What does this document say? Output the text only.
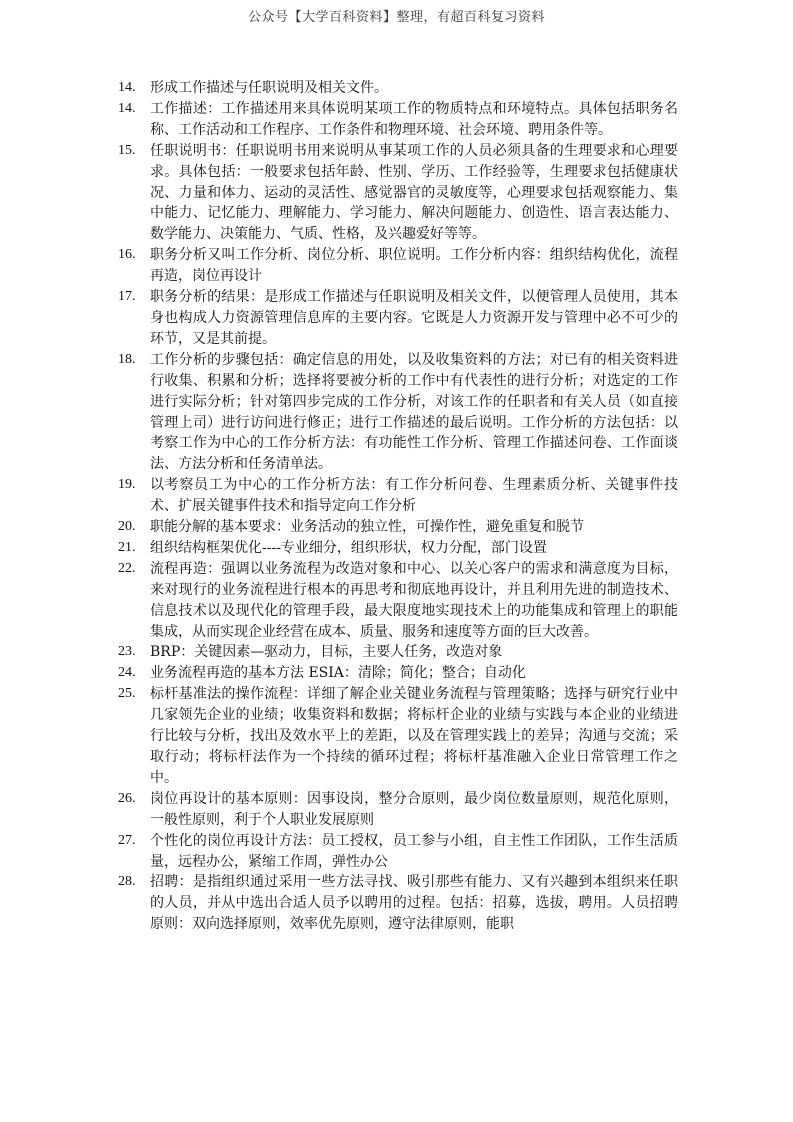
公众号【大学百科资料】整理，有超百科复习资料
14.	形成工作描述与任职说明及相关文件。
14.	工作描述：工作描述用来具体说明某项工作的物质特点和环境特点。具体包括职务名称、工作活动和工作程序、工作条件和物理环境、社会环境、聘用条件等。
15.	任职说明书：任职说明书用来说明从事某项工作的人员必须具备的生理要求和心理要求。具体包括：一般要求包括年龄、性别、学历、工作经验等，生理要求包括健康状况、力量和体力、运动的灵活性、感觉器官的灵敏度等，心理要求包括观察能力、集中能力、记忆能力、理解能力、学习能力、解决问题能力、创造性、语言表达能力、数学能力、决策能力、气质、性格，及兴趣爱好等等。
16.	职务分析又叫工作分析、岗位分析、职位说明。工作分析内容：组织结构优化，流程再造，岗位再设计
17.	职务分析的结果：是形成工作描述与任职说明及相关文件，以便管理人员使用，其本身也构成人力资源管理信息库的主要内容。它既是人力资源开发与管理中必不可少的环节，又是其前提。
18.	工作分析的步骤包括：确定信息的用处，以及收集资料的方法；对已有的相关资料进行收集、积累和分析；选择将要被分析的工作中有代表性的进行分析；对选定的工作进行实际分析；针对第四步完成的工作分析，对该工作的任职者和有关人员（如直接管理上司）进行访问进行修正；进行工作描述的最后说明。工作分析的方法包括：以考察工作为中心的工作分析方法：有功能性工作分析、管理工作描述问卷、工作面谈法、方法分析和任务清单法。
19.	以考察员工为中心的工作分析方法：有工作分析问卷、生理素质分析、关键事件技术、扩展关键事件技术和指导定向工作分析
20.	职能分解的基本要求：业务活动的独立性，可操作性，避免重复和脱节
21.	组织结构框架优化----专业细分，组织形状，权力分配，部门设置
22.	流程再造：强调以业务流程为改造对象和中心、以关心客户的需求和满意度为目标，来对现行的业务流程进行根本的再思考和彻底地再设计，并且利用先进的制造技术、信息技术以及现代化的管理手段，最大限度地实现技术上的功能集成和管理上的职能集成，从而实现企业经营在成本、质量、服务和速度等方面的巨大改善。
23.	BRP：关键因素—驱动力，目标，主要人任务，改造对象
24.	业务流程再造的基本方法 ESIA：清除；简化；整合；自动化
25.	标杆基准法的操作流程：详细了解企业关键业务流程与管理策略；选择与研究行业中几家领先企业的业绩；收集资料和数据；将标杆企业的业绩与实践与本企业的业绩进行比较与分析，找出及效水平上的差距，以及在管理实践上的差异；沟通与交流；采取行动；将标杆法作为一个持续的循环过程；将标杆基准融入企业日常管理工作之中。
26.	岗位再设计的基本原则：因事设岗，整分合原则，最少岗位数量原则，规范化原则，一般性原则，利于个人职业发展原则
27.	个性化的岗位再设计方法：员工授权，员工参与小组，自主性工作团队，工作生活质量，远程办公，紧缩工作周，弹性办公
28.	招聘：是指组织通过采用一些方法寻找、吸引那些有能力、又有兴趣到本组织来任职的人员，并从中选出合适人员予以聘用的过程。包括：招募，选拔，聘用。人员招聘原则：双向选择原则，效率优先原则，遵守法律原则，能职
